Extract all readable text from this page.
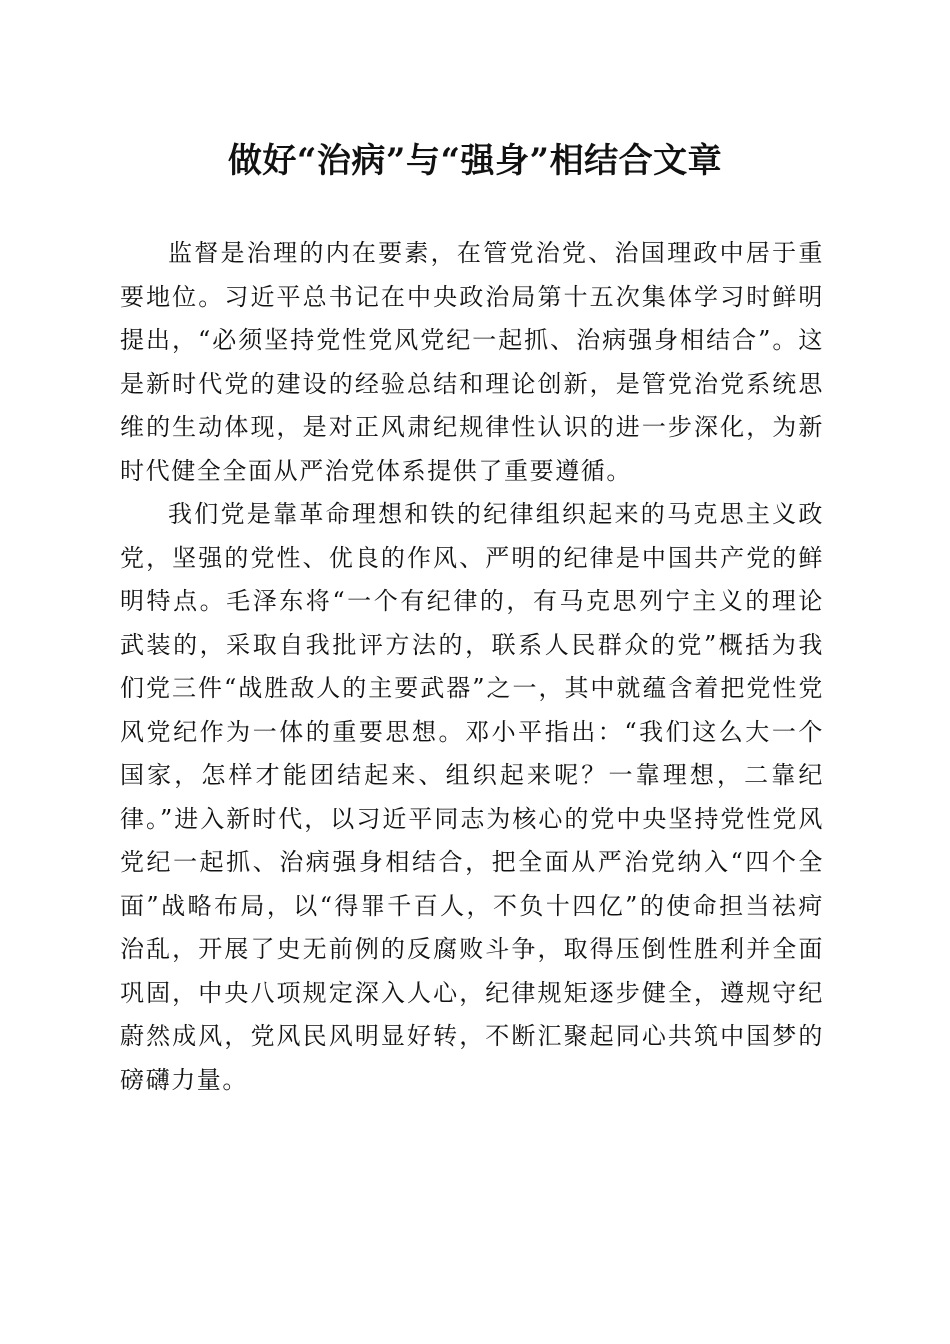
做好“治病”与“强身”相结合文章

监督是治理的内在要素，在管党治党、治国理政中居于重要地位。习近平总书记在中央政治局第十五次集体学习时鲜明提出，“必须坚持党性党风党纪一起抓、治病强身相结合”。这是新时代党的建设的经验总结和理论创新，是管党治党系统思维的生动体现，是对正风肃纪规律性认识的进一步深化，为新时代健全全面从严治党体系提供了重要遵循。

我们党是靠革命理想和铁的纪律组织起来的马克思主义政党，坚强的党性、优良的作风、严明的纪律是中国共产党的鲜明特点。毛泽东将“一个有纪律的，有马克思列宁主义的理论武装的，采取自我批评方法的，联系人民群众的党”概括为我们党三件“战胜敌人的主要武器”之一，其中就蕴含着把党性党风党纪作为一体的重要思想。邓小平指出：“我们这么大一个国家，怎样才能团结起来、组织起来呢？一靠理想，二靠纪律。”进入新时代，以习近平同志为核心的党中央坚持党性党风党纪一起抓、治病强身相结合，把全面从严治党纳入“四个全面”战略布局，以“得罪千百人，不负十四亿”的使命担当祛疴治乱，开展了史无前例的反腐败斗争，取得压倒性胜利并全面巩固，中央八项规定深入人心，纪律规矩逐步健全，遵规守纪蔚然成风，党风民风明显好转，不断汇聚起同心共筑中国梦的磅礴力量。
